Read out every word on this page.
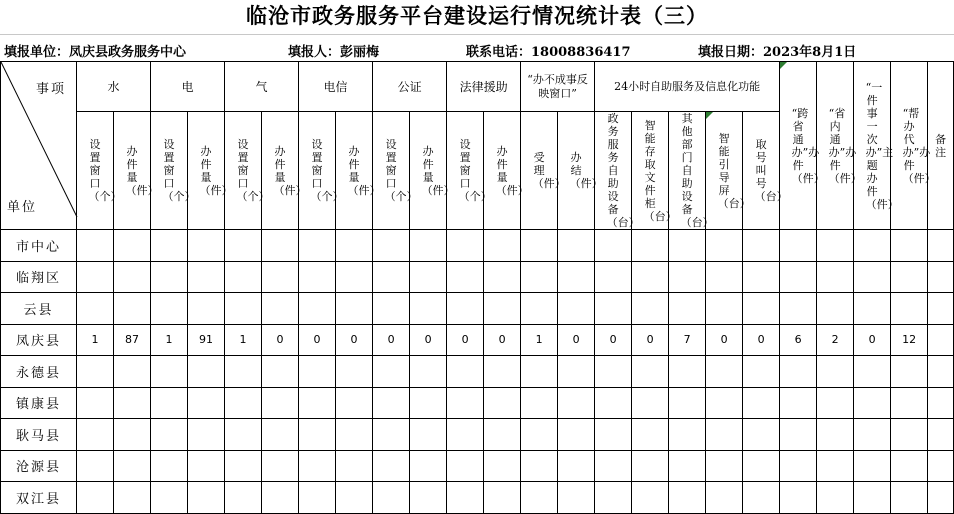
临沧市政务服务平台建设运行情况统计表（三）
填报单位：凤庆县政务服务中心	填报人：彭丽梅	联系电话：18008836417	填报日期：2023年8月1日
事项
单位	水		电		气		电信		公证		法律援助		“办不成事反映窗口”		24小时自助服务及信息化功能					“跨省通办”办件（件）	“省内通办”办件（件）	“一件事一次办”主题办件（件）	“帮办代办”办件（件）	备注
	设置窗口（个）	办件量（件）	设置窗口（个）	办件量（件）	设置窗口（个）	办件量（件）	设置窗口（个）	办件量（件）	设置窗口（个）	办件量（件）	设置窗口（个）	办件量（件）	受理（件）	办结（件）	政务服务自助设备（台）	智能存取文件柜（台）	其他部门自助设备（台）	智能引导屏（台）	取号叫号（台）					
市中心																								
临翔区																								
云县																								
凤庆县	1	87	1	91	1	0	0	0	0	0	0	0	1	0	0	0	7	0	0	6	2	0	12	
永德县																								
镇康县																								
耿马县																								
沧源县																								
双江县																								
